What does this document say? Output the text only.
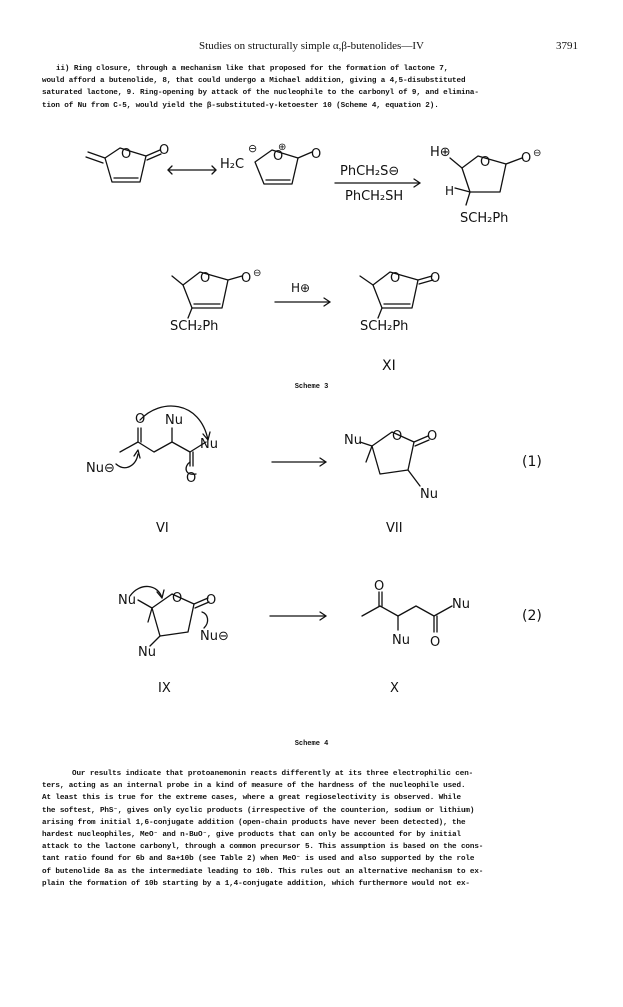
Studies on structurally simple α,β-butenolides—IV	3791
ii) Ring closure, through a mechanism like that proposed for the formation of lactone 7,
would afford a butenolide, 8, that could undergo a Michael addition, giving a 4,5-disubstituted
saturated lactone, 9. Ring-opening by attack of the nucleophile to the carbonyl of 9, and elimina-
tion of Nu from C-5, would yield the β-substituted-γ-ketoester 10 (Scheme 4, equation 2).
O O
H₂C
⊖
O
⊕ O
PhCH₂S⊖
PhCH₂SH
H⊕
O O ⊖
H
SCH₂Ph
O O ⊖
SCH₂Ph
H⊕
O O
SCH₂Ph
XI
O Nu
Nu
O
Nu⊖
VI
Nu O O
Nu
(1)
VII
Nu	O O
Nu⊖
Nu
IX
O
Nu
Nu O
(2)
X
Scheme 3
Scheme 4
Our results indicate that protoanemonin reacts differently at its three electrophilic cen-
ters, acting as an internal probe in a kind of measure of the hardness of the nucleophile used.
At least this is true for the extreme cases, where a great regioselectivity is observed. While
the softest, PhS⁻, gives only cyclic products (irrespective of the counterion, sodium or lithium)
arising from initial 1,6-conjugate addition (open-chain products have never been detected), the
hardest nucleophiles, MeO⁻ and n-BuO⁻, give products that can only be accounted for by initial
attack to the lactone carbonyl, through a common precursor 5. This assumption is based on the cons-
tant ratio found for 6b and 8a+10b (see Table 2) when MeO⁻ is used and also supported by the role
of butenolide 8a as the intermediate leading to 10b. This rules out an alternative mechanism to ex-
plain the formation of 10b starting by a 1,4-conjugate addition, which furthermore would not ex-
